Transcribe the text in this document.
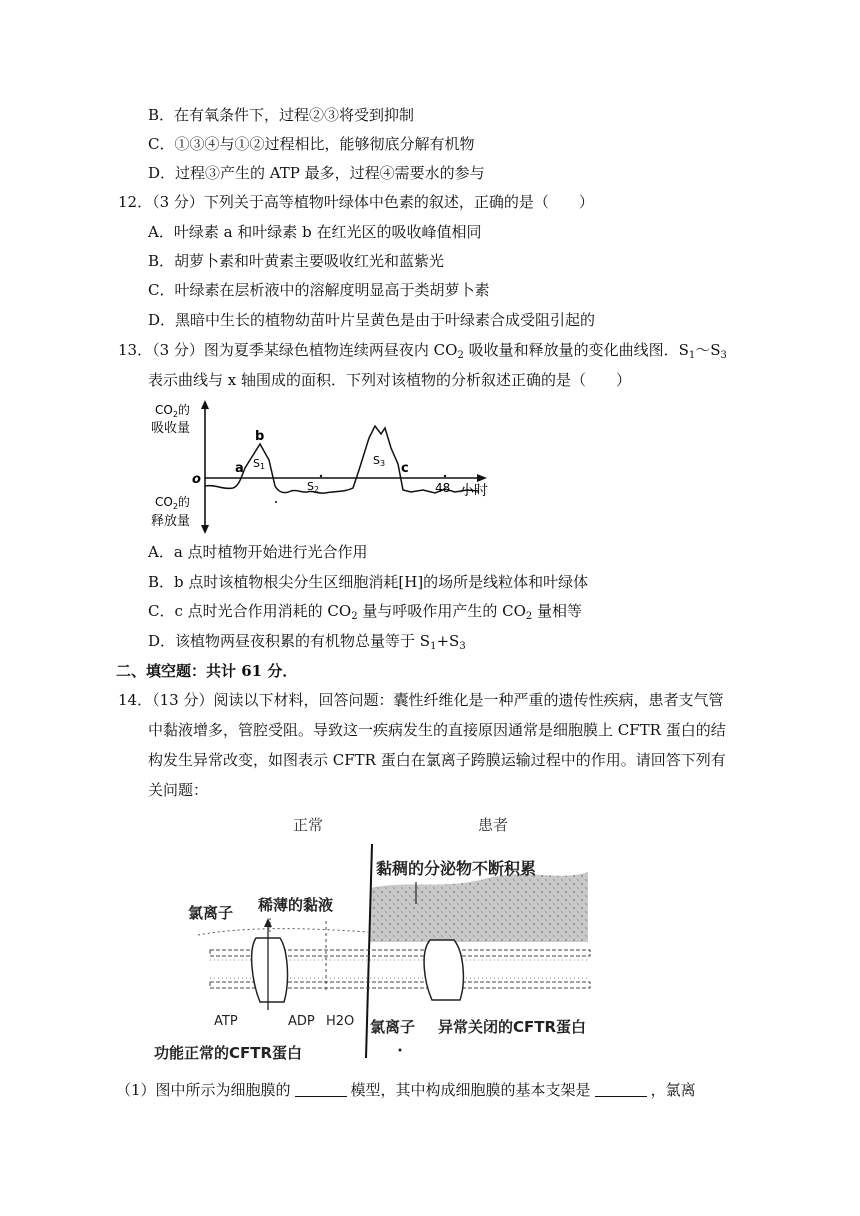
B．在有氧条件下，过程②③将受到抑制
C．①③④与①②过程相比，能够彻底分解有机物
D．过程③产生的 ATP 最多，过程④需要水的参与
12．（3 分）下列关于高等植物叶绿体中色素的叙述，正确的是（　　）
A．叶绿素 a 和叶绿素 b 在红光区的吸收峰值相同
B．胡萝卜素和叶黄素主要吸收红光和蓝紫光
C．叶绿素在层析液中的溶解度明显高于类胡萝卜素
D．黑暗中生长的植物幼苗叶片呈黄色是由于叶绿素合成受阻引起的
13．（3 分）图为夏季某绿色植物连续两昼夜内 $CO_2$ 吸收量和释放量的变化曲线图．$S_1\sim S_3$
表示曲线与 x 轴围成的面积．下列对该植物的分析叙述正确的是（　　）
$CO_2$的
吸收量
$CO_2$的
释放量
o
a
b
c
S1
S2
S3
48 小时
A．a 点时植物开始进行光合作用
B．b 点时该植物根尖分生区细胞消耗[H]的场所是线粒体和叶绿体
C．c 点时光合作用消耗的 $CO_2$ 量与呼吸作用产生的 $CO_2$ 量相等
D．该植物两昼夜积累的有机物总量等于 $S_1+S_3$
二、填空题：共计 61 分．
14．（13 分）阅读以下材料，回答问题：囊性纤维化是一种严重的遗传性疾病，患者支气管
中黏液增多，管腔受阻。导致这一疾病发生的直接原因通常是细胞膜上 CFTR 蛋白的结
构发生异常改变，如图表示 CFTR 蛋白在氯离子跨膜运输过程中的作用。请回答下列有
关问题：
正常	患者
黏稠的分泌物不断积累
稀薄的黏液
氯离子
ATP	ADP H2O 氯离子 异常关闭的CFTR蛋白
功能正常的CFTR蛋白
（1）图中所示为细胞膜的	模型，其中构成细胞膜的基本支架是	，氯离
